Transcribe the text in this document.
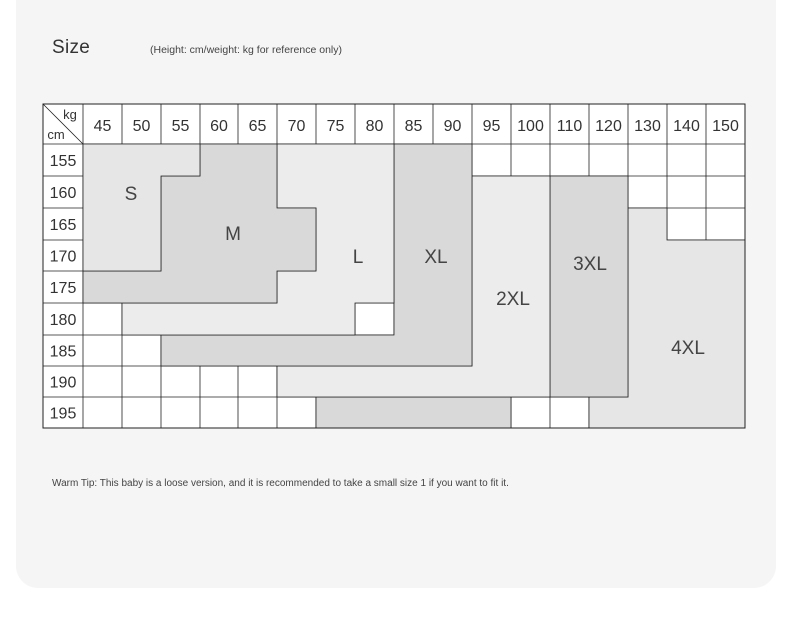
Size	(Height: cm/weight: kg for reference only)
45 50 55 60 65 70 75 80 85 90 95 100 110 120 130 140 150
155
160
165
170
175
180
185
190
195
kg
cm
S
M
L	XL
2XL
3XL
4XL
Warm Tip: This baby is a loose version, and it is recommended to take a small size 1 if you want to fit it.
